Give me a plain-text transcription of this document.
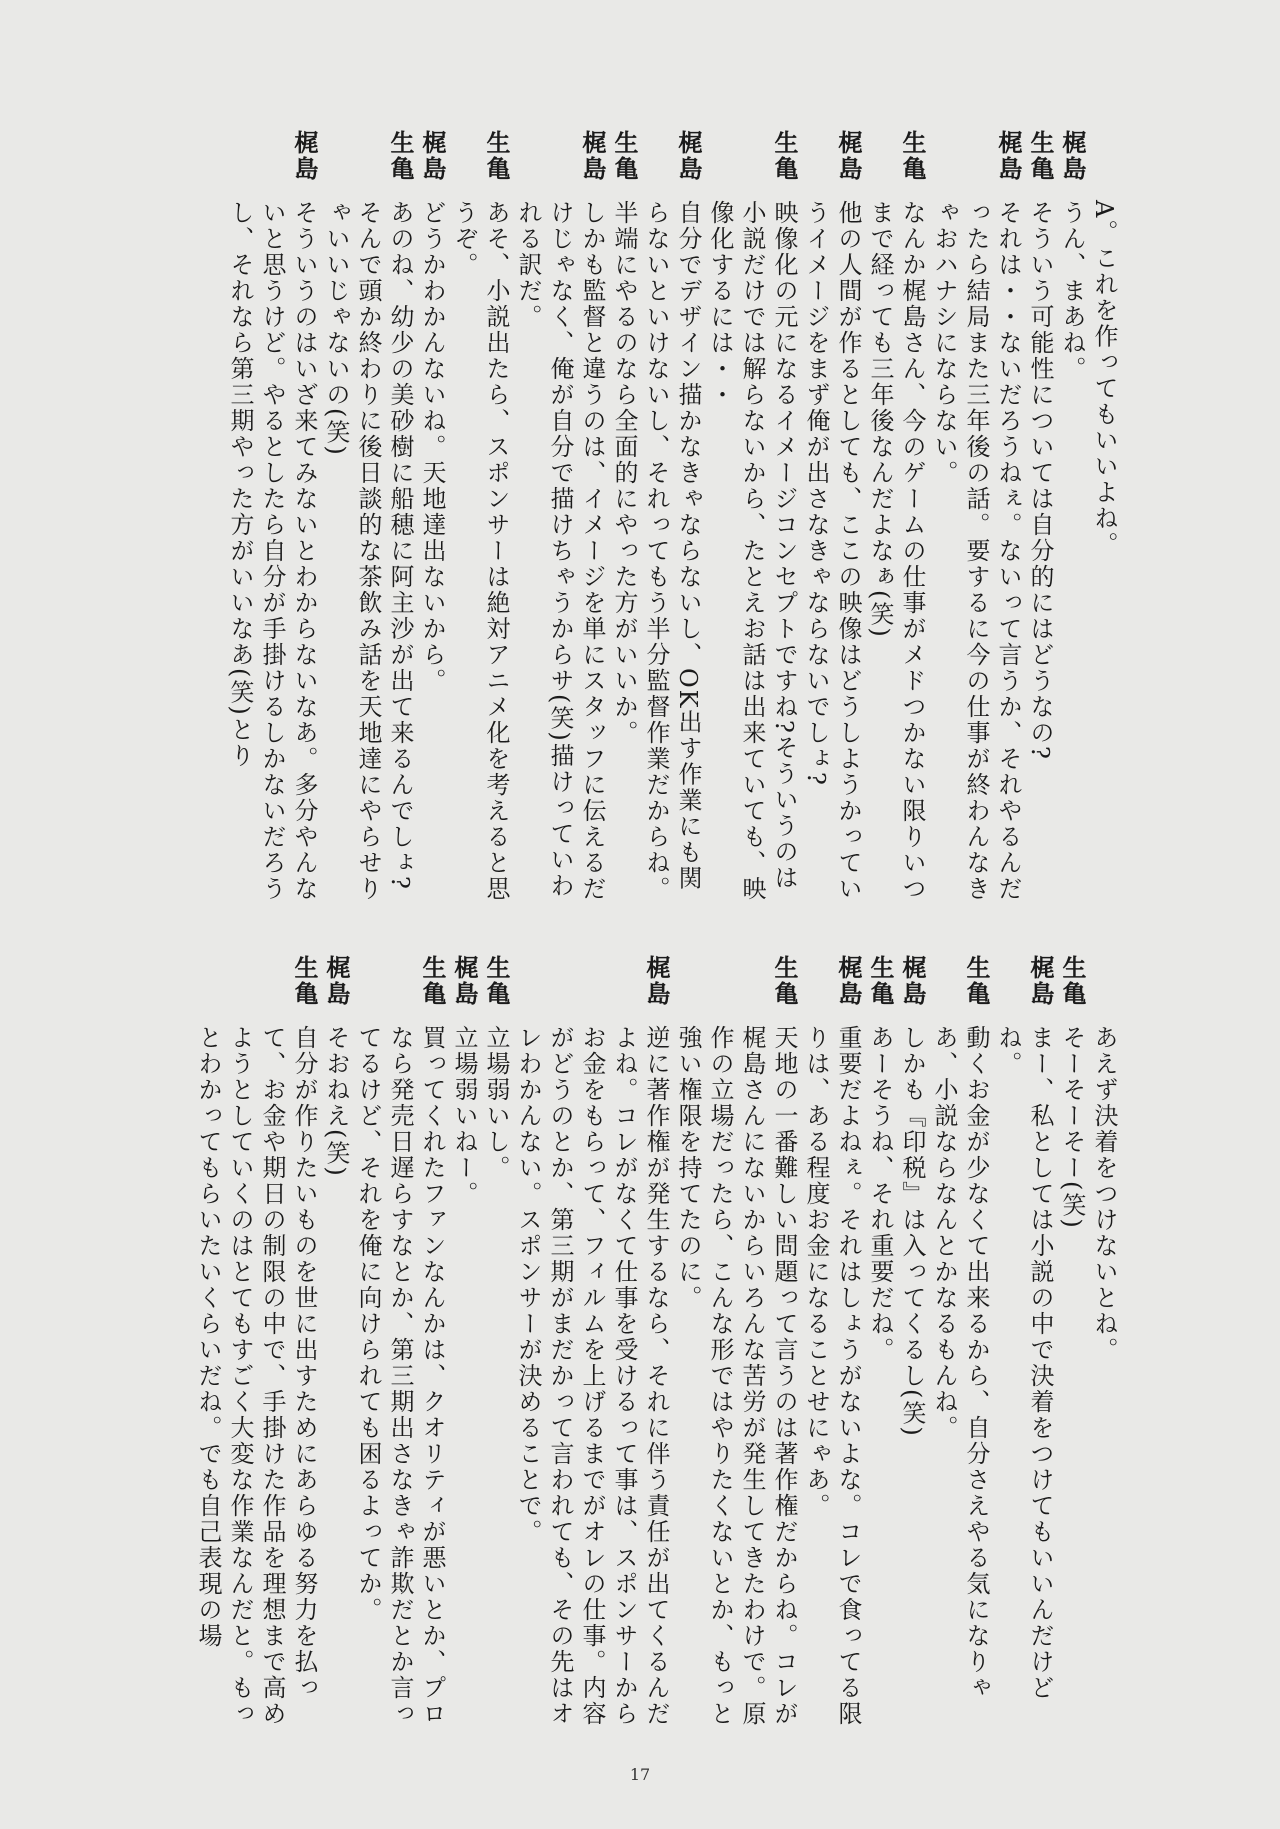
A。これを作ってもいいよね。
梶島
うん、まあね。
生亀
そういう可能性については自分的にはどうなの?
梶島
それは・・ないだろうねぇ。ないって言うか、それやるんだったら結局また三年後の話。要するに今の仕事が終わんなきゃおハナシにならない。
生亀
なんか梶島さん、今のゲームの仕事がメドつかない限りいつまで経っても三年後なんだよなぁ(笑)
梶島
他の人間が作るとしても、ここの映像はどうしようかっていうイメージをまず俺が出さなきゃならないでしょ?
生亀
映像化の元になるイメージコンセプトですね?そういうのは小説だけでは解らないから、たとえお話は出来ていても、映像化するには・・
梶島
自分でデザイン描かなきゃならないし、OK出す作業にも関らないといけないし、それってもう半分監督作業だからね。
生亀
半端にやるのなら全面的にやった方がいいか。
梶島
しかも監督と違うのは、イメージを単にスタッフに伝えるだけじゃなく、俺が自分で描けちゃうからサ(笑)描けっていわれる訳だ。
生亀
あそ、小説出たら、スポンサーは絶対アニメ化を考えると思うぞ。
梶島
どうかわかんないね。天地達出ないから。
生亀
あのね、幼少の美砂樹に船穂に阿主沙が出て来るんでしょ?そんで頭か終わりに後日談的な茶飲み話を天地達にやらせりゃいいじゃないの(笑)
梶島
そういうのはいざ来てみないとわからないなあ。多分やんないと思うけど。やるとしたら自分が手掛けるしかないだろうし、それなら第三期やった方がいいなあ(笑)とり
あえず決着をつけないとね。
生亀
そーそーそー(笑)
梶島
まー、私としては小説の中で決着をつけてもいいんだけどね。
生亀
動くお金が少なくて出来るから、自分さえやる気になりゃあ、小説ならなんとかなるもんね。
梶島
しかも『印税』は入ってくるし(笑)
生亀
あーそうね、それ重要だね。
梶島
重要だよねぇ。それはしょうがないよな。コレで食ってる限りは、ある程度お金になることせにゃあ。
生亀
天地の一番難しい問題って言うのは著作権だからね。コレが梶島さんにないからいろんな苦労が発生してきたわけで。原作の立場だったら、こんな形ではやりたくないとか、もっと強い権限を持てたのに。
梶島
逆に著作権が発生するなら、それに伴う責任が出てくるんだよね。コレがなくて仕事を受けるって事は、スポンサーからお金をもらって、フィルムを上げるまでがオレの仕事。内容がどうのとか、第三期がまだかって言われても、その先はオレわかんない。スポンサーが決めることで。
生亀
立場弱いし。
梶島
立場弱いねー。
生亀
買ってくれたファンなんかは、クオリティが悪いとか、プロなら発売日遅らすなとか、第三期出さなきゃ詐欺だとか言ってるけど、それを俺に向けられても困るよってか。
梶島
そおねえ(笑)
生亀
自分が作りたいものを世に出すためにあらゆる努力を払って、お金や期日の制限の中で、手掛けた作品を理想まで高めようとしていくのはとてもすごく大変な作業なんだと。もっとわかってもらいたいくらいだね。でも自己表現の場
17
